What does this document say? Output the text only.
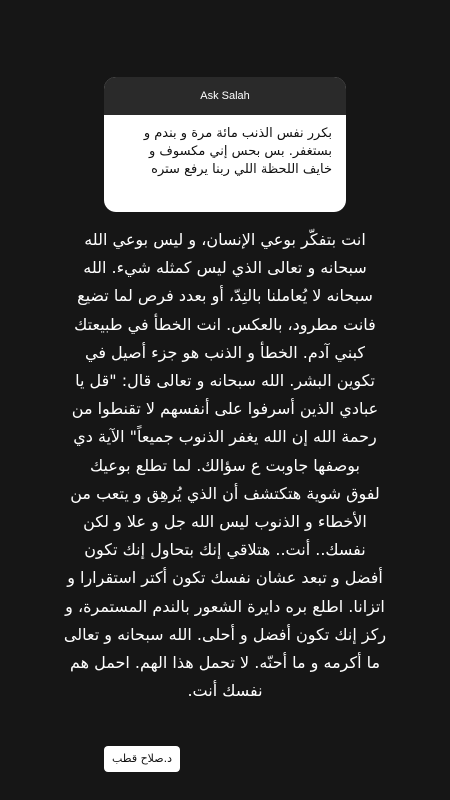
Ask Salah
بكرر نفس الذنب مائة مرة و بندم و
بستغفر. بس بحس إني مكسوف و
خايف اللحظة اللي ربنا يرفع ستره
انت بتفكّر بوعي الإنسان، و ليس بوعي الله
سبحانه و تعالى الذي ليس كمثله شيء. الله
سبحانه لا يُعاملنا بالنِدّ، أو بعدد فرص لما تضيع
فانت مطرود، بالعكس. انت الخطأ في طبيعتك
كبني آدم. الخطأ و الذنب هو جزء أصيل في
تكوين البشر. الله سبحانه و تعالى قال: "قل يا
عبادي الذين أسرفوا على أنفسهم لا تقنطوا من
رحمة الله إن الله يغفر الذنوب جميعاً" الآية دي
بوصفها جاوبت ع سؤالك. لما تطلع بوعيك
لفوق شوية هتكتشف أن الذي يُرهِق و يتعب من
الأخطاء و الذنوب ليس الله جل و علا و لكن
نفسك.. أنت.. هتلاقي إنك بتحاول إنك تكون
أفضل و تبعد عشان نفسك تكون أكتر استقرارا و
اتزانا. اطلع بره دايرة الشعور بالندم المستمرة، و
ركز إنك تكون أفضل و أحلى. الله سبحانه و تعالى
ما أكرمه و ما أحنّه. لا تحمل هذا الهم. احمل هم
نفسك أنت.
د.صلاح قطب
